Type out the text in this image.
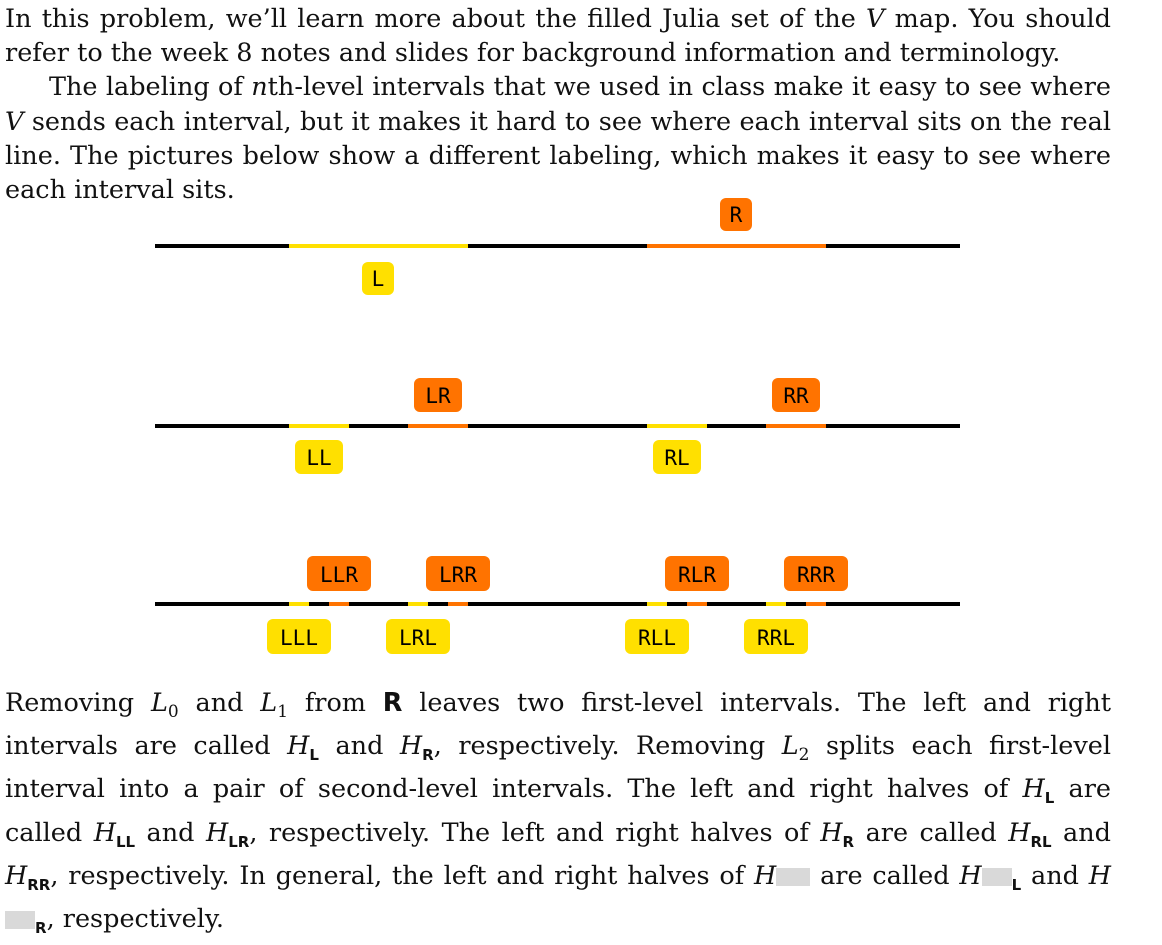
In this problem, we’ll learn more about the filled Julia set of the V map. You should refer to the week 8 notes and slides for background information and terminology.
The labeling of nth-level intervals that we used in class make it easy to see where V sends each interval, but it makes it hard to see where each interval sits on the real line. The pictures below show a different labeling, which makes it easy to see where each interval sits.
L
R
LL
LR
RL
RR
LLL
LLR
LRL
LRR
RLL
RLR
RRL
RRR
Removing $L_0$ and $L_1$ from R leaves two first-level intervals. The left and right intervals are called $H_L$ and $H_R$, respectively. Removing $L_2$ splits each first-level interval into a pair of second-level intervals. The left and right halves of $H_L$ are called $H_{LL}$ and $H_{LR}$, respectively. The left and right halves of $H_R$ are called $H_{RL}$ and $H_{RR}$, respectively. In general, the left and right halves of H are called H $_L$ and $H_R$, respectively.
